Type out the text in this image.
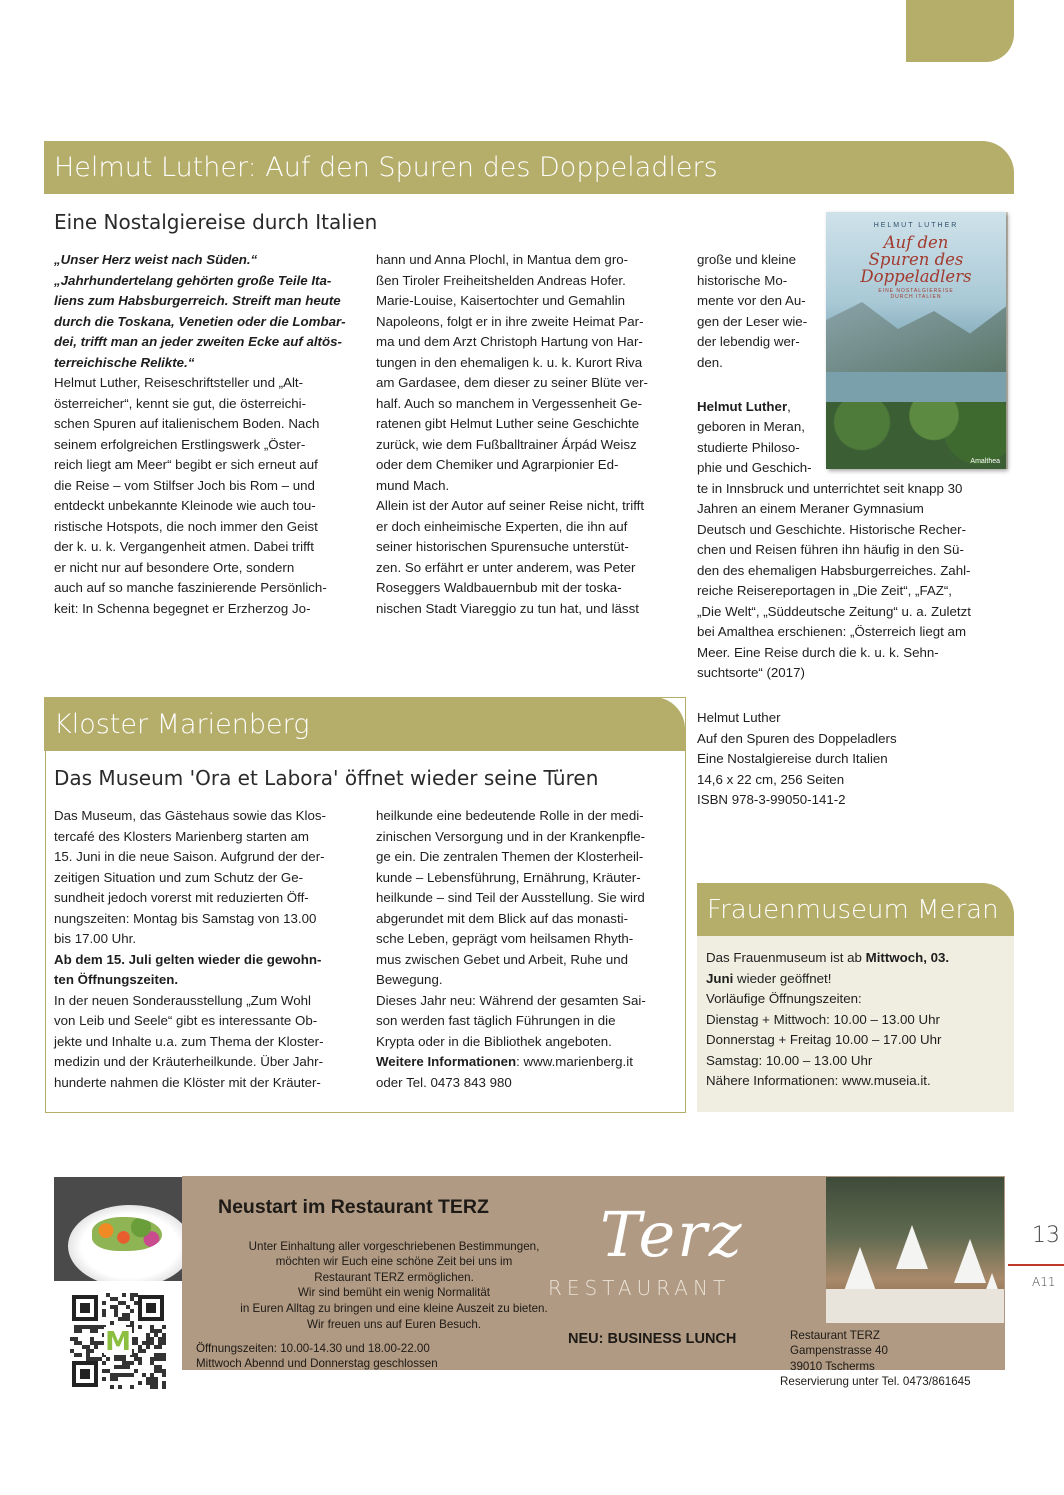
Helmut Luther: Auf den Spuren des Doppeladlers
Eine Nostalgiereise durch Italien

„Unser Herz weist nach Süden.“

„Jahrhundertelang gehörten große Teile Ita-

liens zum Habsburgerreich. Streift man heute

durch die Toskana, Venetien oder die Lombar-

dei, trifft man an jeder zweiten Ecke auf altös-

terreichische Relikte.“

Helmut Luther, Reiseschriftsteller und „Alt-

österreicher“, kennt sie gut, die österreichi-

schen Spuren auf italienischem Boden. Nach

seinem erfolgreichen Erstlingswerk „Öster-

reich liegt am Meer“ begibt er sich erneut auf

die Reise – vom Stilfser Joch bis Rom – und

entdeckt unbekannte Kleinode wie auch tou-

ristische Hotspots, die noch immer den Geist

der k. u. k. Vergangenheit atmen. Dabei trifft

er nicht nur auf besondere Orte, sondern

auch auf so manche faszinierende Persönlich-

keit: In Schenna begegnet er Erzherzog Jo-

hann und Anna Plochl, in Mantua dem gro-

ßen Tiroler Freiheitshelden Andreas Hofer.

Marie-Louise, Kaisertochter und Gemahlin

Napoleons, folgt er in ihre zweite Heimat Par-

ma und dem Arzt Christoph Hartung von Har-

tungen in den ehemaligen k. u. k. Kurort Riva

am Gardasee, dem dieser zu seiner Blüte ver-

half. Auch so manchem in Vergessenheit Ge-

ratenen gibt Helmut Luther seine Geschichte

zurück, wie dem Fußballtrainer Árpád Weisz

oder dem Chemiker und Agrarpionier Ed-

mund Mach.

Allein ist der Autor auf seiner Reise nicht, trifft

er doch einheimische Experten, die ihn auf

seiner historischen Spurensuche unterstüt-

zen. So erfährt er unter anderem, was Peter

Roseggers Waldbauernbub mit der toska-

nischen Stadt Viareggio zu tun hat, und lässt

große und kleine

historische Mo-

mente vor den Au-

gen der Leser wie-

der lebendig wer-

den.

Helmut Luther,

geboren in Meran,

studierte Philoso-

phie und Geschich-

te in Innsbruck und unterrichtet seit knapp 30

Jahren an einem Meraner Gymnasium

Deutsch und Geschichte. Historische Recher-

chen und Reisen führen ihn häufig in den Sü-

den des ehemaligen Habsburgerreiches. Zahl-

reiche Reisereportagen in „Die Zeit“, „FAZ“,

„Die Welt“, „Süddeutsche Zeitung“ u. a. Zuletzt

bei Amalthea erschienen: „Österreich liegt am

Meer. Eine Reise durch die k. u. k. Sehn-

suchtsorte“ (2017)

Helmut Luther

Auf den Spuren des Doppeladlers

Eine Nostalgiereise durch Italien

14,6 x 22 cm, 256 Seiten

ISBN 978-3-99050-141-2

HELMUT LUTHER
Auf den
Spuren des
Doppeladlers
EINE NOSTALGIEREISE
DURCH ITALIEN
Amalthea
Kloster Marienberg
Das Museum 'Ora et Labora' öffnet wieder seine Türen

Das Museum, das Gästehaus sowie das Klos-

tercafé des Klosters Marienberg starten am

15. Juni in die neue Saison. Aufgrund der der-

zeitigen Situation und zum Schutz der Ge-

sundheit jedoch vorerst mit reduzierten Öff-

nungszeiten: Montag bis Samstag von 13.00

bis 17.00 Uhr.

Ab dem 15. Juli gelten wieder die gewohn-

ten Öffnungszeiten.

In der neuen Sonderausstellung „Zum Wohl

von Leib und Seele“ gibt es interessante Ob-

jekte und Inhalte u.a. zum Thema der Kloster-

medizin und der Kräuterheilkunde. Über Jahr-

hunderte nahmen die Klöster mit der Kräuter-

heilkunde eine bedeutende Rolle in der medi-

zinischen Versorgung und in der Krankenpfle-

ge ein. Die zentralen Themen der Klosterheil-

kunde – Lebensführung, Ernährung, Kräuter-

heilkunde – sind Teil der Ausstellung. Sie wird

abgerundet mit dem Blick auf das monasti-

sche Leben, geprägt vom heilsamen Rhyth-

mus zwischen Gebet und Arbeit, Ruhe und

Bewegung.

Dieses Jahr neu: Während der gesamten Sai-

son werden fast täglich Führungen in die

Krypta oder in die Bibliothek angeboten.

Weitere Informationen: www.marienberg.it

oder Tel. 0473 843 980

Frauenmuseum Meran

Das Frauenmuseum ist ab Mittwoch, 03.

Juni wieder geöffnet!

Vorläufige Öffnungszeiten:

Dienstag + Mittwoch: 10.00 – 13.00 Uhr

Donnerstag + Freitag 10.00 – 17.00 Uhr

Samstag: 10.00 – 13.00 Uhr

Nähere Informationen: www.museia.it.

M
Neustart im Restaurant TERZ
Unter Einhaltung aller vorgeschriebenen Bestimmungen,
möchten wir Euch eine schöne Zeit bei uns im
Restaurant TERZ ermöglichen.
Wir sind bemüht ein wenig Normalität
in Euren Alltag zu bringen und eine kleine Auszeit zu bieten.
Wir freuen uns auf Euren Besuch.
Öffnungszeiten: 10.00-14.30 und 18.00-22.00
Mittwoch Abennd und Donnerstag geschlossen
NEU: BUSINESS LUNCH
Terz
RESTAURANT
Restaurant TERZ
Gampenstrasse 40
39010 Tscherms
Reservierung unter Tel. 0473/861645
13
A11
